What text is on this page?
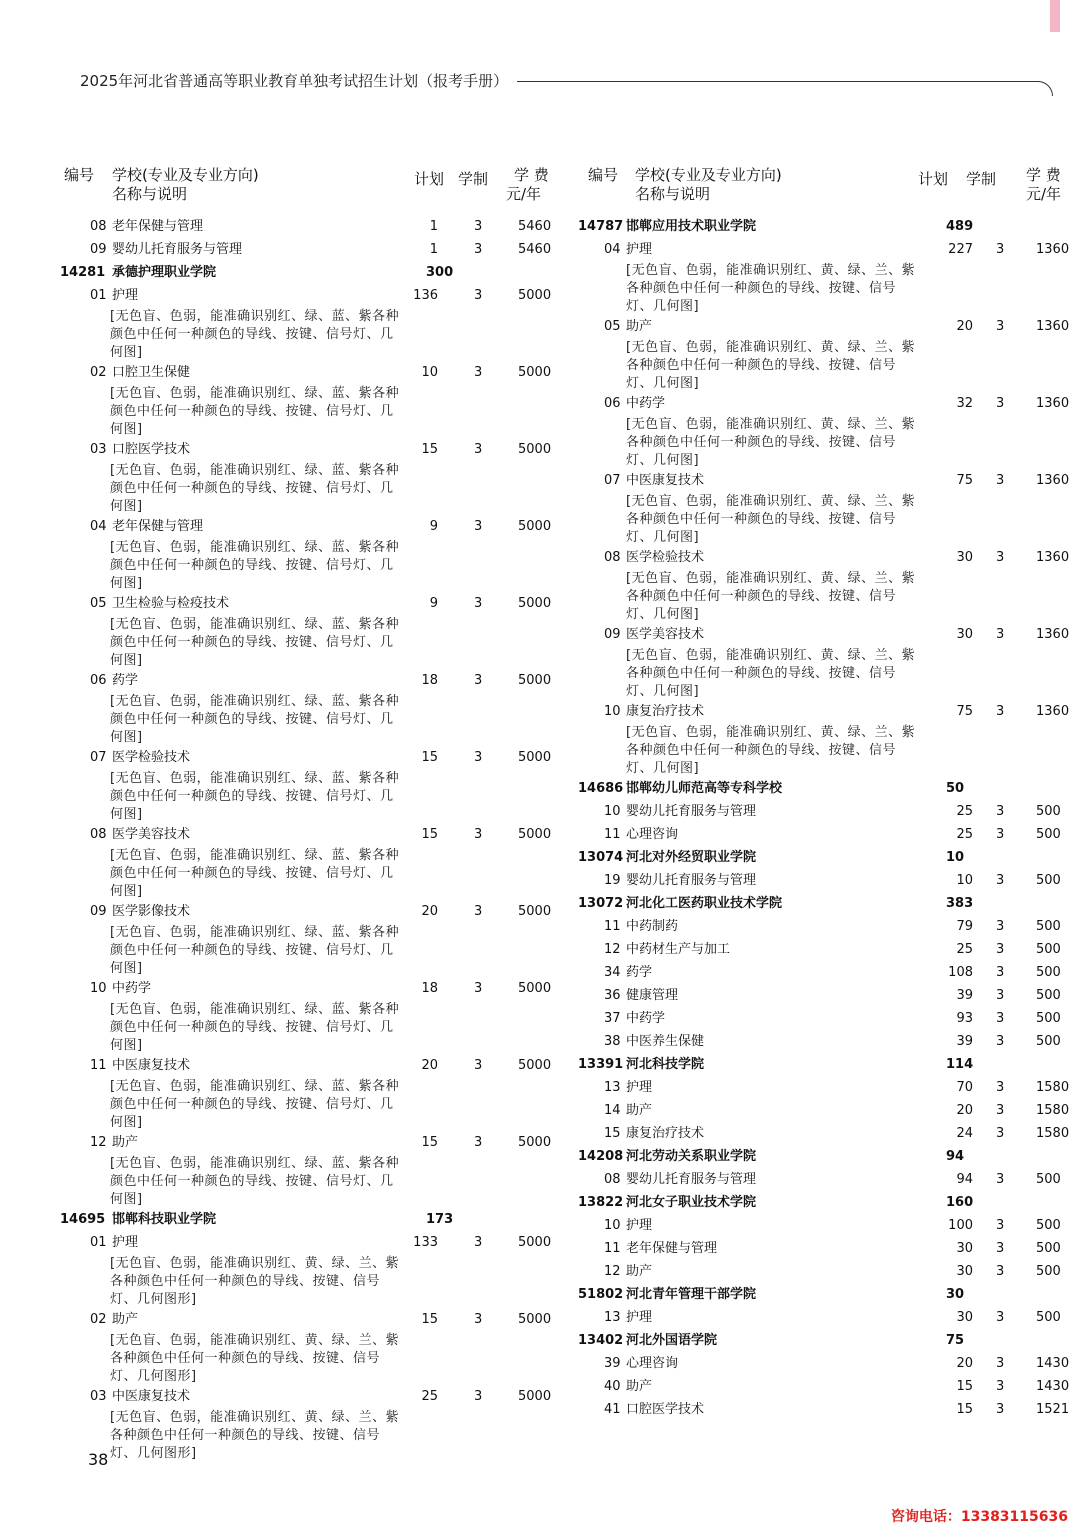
2025年河北省普通高等职业教育单独考试招生计划（报考手册）
编号 学校(专业及专业方向)
名称与说明
计划 学制 学 费
元/年
08 老年保健与管理	1	3	5460
09 婴幼儿托育服务与管理	1	3	5460
14281 承德护理职业学院	300
01 护理	136	3	5000
[无色盲、色弱，能准确识别红、绿、蓝、紫各种颜色中任何一种颜色的导线、按键、信号灯、几何图]
02 口腔卫生保健	10	3	5000
[无色盲、色弱，能准确识别红、绿、蓝、紫各种颜色中任何一种颜色的导线、按键、信号灯、几何图]
03 口腔医学技术	15	3	5000
[无色盲、色弱，能准确识别红、绿、蓝、紫各种颜色中任何一种颜色的导线、按键、信号灯、几何图]
04 老年保健与管理	9	3	5000
[无色盲、色弱，能准确识别红、绿、蓝、紫各种颜色中任何一种颜色的导线、按键、信号灯、几何图]
05 卫生检验与检疫技术	9	3	5000
[无色盲、色弱，能准确识别红、绿、蓝、紫各种颜色中任何一种颜色的导线、按键、信号灯、几何图]
06 药学	18	3	5000
[无色盲、色弱，能准确识别红、绿、蓝、紫各种颜色中任何一种颜色的导线、按键、信号灯、几何图]
07 医学检验技术	15	3	5000
[无色盲、色弱，能准确识别红、绿、蓝、紫各种颜色中任何一种颜色的导线、按键、信号灯、几何图]
08 医学美容技术	15	3	5000
[无色盲、色弱，能准确识别红、绿、蓝、紫各种颜色中任何一种颜色的导线、按键、信号灯、几何图]
09 医学影像技术	20	3	5000
[无色盲、色弱，能准确识别红、绿、蓝、紫各种颜色中任何一种颜色的导线、按键、信号灯、几何图]
10 中药学	18	3	5000
[无色盲、色弱，能准确识别红、绿、蓝、紫各种颜色中任何一种颜色的导线、按键、信号灯、几何图]
11 中医康复技术	20	3	5000
[无色盲、色弱，能准确识别红、绿、蓝、紫各种颜色中任何一种颜色的导线、按键、信号灯、几何图]
12 助产	15	3	5000
[无色盲、色弱，能准确识别红、绿、蓝、紫各种颜色中任何一种颜色的导线、按键、信号灯、几何图]
14695 邯郸科技职业学院	173
01 护理	133	3	5000
[无色盲、色弱，能准确识别红、黄、绿、兰、紫各种颜色中任何一种颜色的导线、按键、信号灯、几何图形]
02 助产	15	3	5000
[无色盲、色弱，能准确识别红、黄、绿、兰、紫各种颜色中任何一种颜色的导线、按键、信号灯、几何图形]
03 中医康复技术	25	3	5000
[无色盲、色弱，能准确识别红、黄、绿、兰、紫各种颜色中任何一种颜色的导线、按键、信号灯、几何图形]
编号 学校(专业及专业方向)
名称与说明
计划 学制 学 费
元/年
14787 邯郸应用技术职业学院	489
04 护理	227 3 1360
[无色盲、色弱，能准确识别红、黄、绿、兰、紫各种颜色中任何一种颜色的导线、按键、信号灯、几何图]
05 助产	20 3 1360
[无色盲、色弱，能准确识别红、黄、绿、兰、紫各种颜色中任何一种颜色的导线、按键、信号灯、几何图]
06 中药学	32 3 1360
[无色盲、色弱，能准确识别红、黄、绿、兰、紫各种颜色中任何一种颜色的导线、按键、信号灯、几何图]
07 中医康复技术	75 3 1360
[无色盲、色弱，能准确识别红、黄、绿、兰、紫各种颜色中任何一种颜色的导线、按键、信号灯、几何图]
08 医学检验技术	30 3 1360
[无色盲、色弱，能准确识别红、黄、绿、兰、紫各种颜色中任何一种颜色的导线、按键、信号灯、几何图]
09 医学美容技术	30 3 1360
[无色盲、色弱，能准确识别红、黄、绿、兰、紫各种颜色中任何一种颜色的导线、按键、信号灯、几何图]
10 康复治疗技术	75 3 1360
[无色盲、色弱，能准确识别红、黄、绿、兰、紫各种颜色中任何一种颜色的导线、按键、信号灯、几何图]
14686 邯郸幼儿师范高等专科学校	50
10 婴幼儿托育服务与管理	25 3 500
11 心理咨询	25 3 500
13074 河北对外经贸职业学院	10
19 婴幼儿托育服务与管理	10 3 500
13072 河北化工医药职业技术学院	383
11 中药制药	79 3 500
12 中药材生产与加工	25 3 500
34 药学	108 3 500
36 健康管理	39 3 500
37 中药学	93 3 500
38 中医养生保健	39 3 500
13391 河北科技学院	114
13 护理	70 3 1580
14 助产	20 3 1580
15 康复治疗技术	24 3 1580
14208 河北劳动关系职业学院	94
08 婴幼儿托育服务与管理	94 3 500
13822 河北女子职业技术学院	160
10 护理	100 3 500
11 老年保健与管理	30 3 500
12 助产	30 3 500
51802 河北青年管理干部学院	30
13 护理	30 3 500
13402 河北外国语学院	75
39 心理咨询	20 3 1430
40 助产	15 3 1430
41 口腔医学技术	15 3 1521
38
咨询电话：13383115636
